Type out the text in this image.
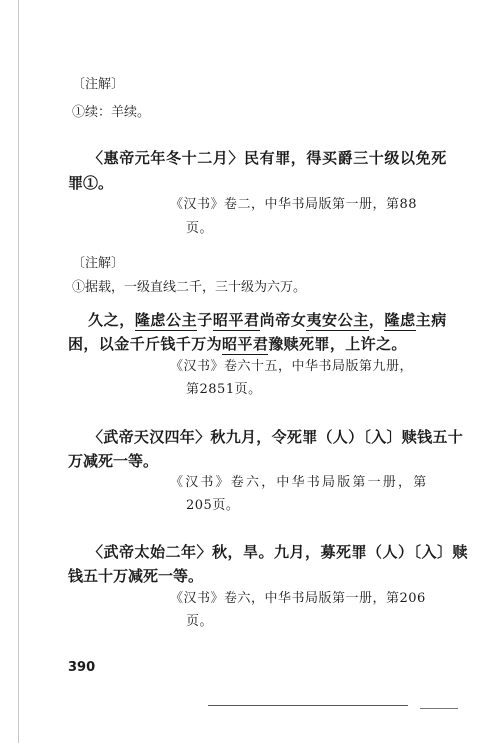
〔注解〕
①续：羊续。
〈惠帝元年冬十二月〉民有罪，得买爵三十级以免死
罪①。
《汉书》卷二，中华书局版第一册，第88
页。
〔注解〕
①据载，一级直线二千，三十级为六万。
久之，隆虑公主子昭平君尚帝女夷安公主，隆虑主病
困，以金千斤钱千万为昭平君豫赎死罪，上许之。
《汉书》卷六十五，中华书局版第九册，
第2851页。
〈武帝天汉四年〉秋九月，令死罪（人）〔入〕赎钱五十
万减死一等。
《汉书》卷六，中华书局版第一册，第
205页。
〈武帝太始二年〉秋，旱。九月，募死罪（人）〔入〕赎
钱五十万减死一等。
《汉书》卷六，中华书局版第一册，第206
页。
390
